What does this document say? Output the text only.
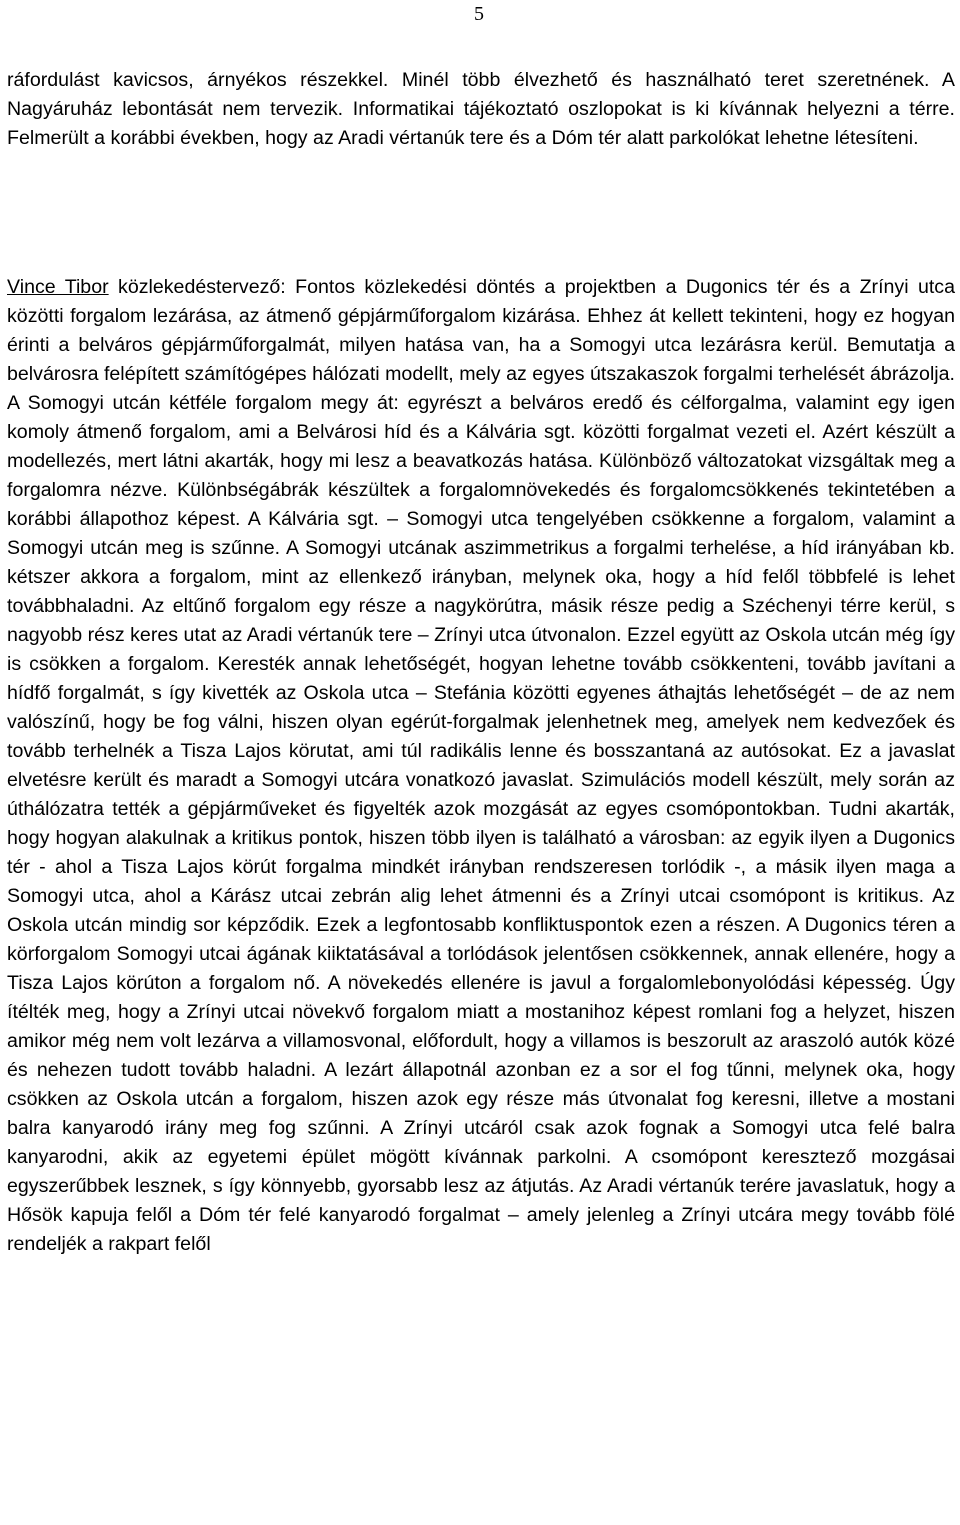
5

ráfordulást kavicsos, árnyékos részekkel. Minél több élvezhető és használható teret szeretnének. A Nagyáruház lebontását nem tervezik. Informatikai tájékoztató oszlopokat is ki kívánnak helyezni a térre. Felmerült a korábbi években, hogy az Aradi vértanúk tere és a Dóm tér alatt parkolókat lehetne létesíteni.

Vince Tibor közlekedéstervező: Fontos közlekedési döntés a projektben a Dugonics tér és a Zrínyi utca közötti forgalom lezárása, az átmenő gépjárműforgalom kizárása. Ehhez át kellett tekinteni, hogy ez hogyan érinti a belváros gépjárműforgalmát, milyen hatása van, ha a Somogyi utca lezárásra kerül. Bemutatja a belvárosra felépített számítógépes hálózati modellt, mely az egyes útszakaszok forgalmi terhelését ábrázolja. A Somogyi utcán kétféle forgalom megy át: egyrészt a belváros eredő és célforgalma, valamint egy igen komoly átmenő forgalom, ami a Belvárosi híd és a Kálvária sgt. közötti forgalmat vezeti el. Azért készült a modellezés, mert látni akarták, hogy mi lesz a beavatkozás hatása. Különböző változatokat vizsgáltak meg a forgalomra nézve. Különbségábrák készültek a forgalomnövekedés és forgalomcsökkenés tekintetében a korábbi állapothoz képest. A Kálvária sgt. – Somogyi utca tengelyében csökkenne a forgalom, valamint a Somogyi utcán meg is szűnne. A Somogyi utcának aszimmetrikus a forgalmi terhelése, a híd irányában kb. kétszer akkora a forgalom, mint az ellenkező irányban, melynek oka, hogy a híd felől többfelé is lehet továbbhaladni. Az eltűnő forgalom egy része a nagykörútra, másik része pedig a Széchenyi térre kerül, s nagyobb rész keres utat az Aradi vértanúk tere – Zrínyi utca útvonalon. Ezzel együtt az Oskola utcán még így is csökken a forgalom. Keresték annak lehetőségét, hogyan lehetne tovább csökkenteni, tovább javítani a hídfő forgalmát, s így kivették az Oskola utca – Stefánia közötti egyenes áthajtás lehetőségét – de az nem valószínű, hogy be fog válni, hiszen olyan egérút-forgalmak jelenhetnek meg, amelyek nem kedvezőek és tovább terhelnék a Tisza Lajos körutat, ami túl radikális lenne és bosszantaná az autósokat. Ez a javaslat elvetésre került és maradt a Somogyi utcára vonatkozó javaslat. Szimulációs modell készült, mely során az úthálózatra tették a gépjárműveket és figyelték azok mozgását az egyes csomópontokban. Tudni akarták, hogy hogyan alakulnak a kritikus pontok, hiszen több ilyen is található a városban: az egyik ilyen a Dugonics tér - ahol a Tisza Lajos körút forgalma mindkét irányban rendszeresen torlódik -, a másik ilyen maga a Somogyi utca, ahol a Kárász utcai zebrán alig lehet átmenni és a Zrínyi utcai csomópont is kritikus. Az Oskola utcán mindig sor képződik. Ezek a legfontosabb konfliktuspontok ezen a részen. A Dugonics téren a körforgalom Somogyi utcai ágának kiiktatásával a torlódások jelentősen csökkennek, annak ellenére, hogy a Tisza Lajos körúton a forgalom nő. A növekedés ellenére is javul a forgalomlebonyolódási képesség. Úgy ítélték meg, hogy a Zrínyi utcai növekvő forgalom miatt a mostanihoz képest romlani fog a helyzet, hiszen amikor még nem volt lezárva a villamosvonal, előfordult, hogy a villamos is beszorult az araszoló autók közé és nehezen tudott tovább haladni. A lezárt állapotnál azonban ez a sor el fog tűnni, melynek oka, hogy csökken az Oskola utcán a forgalom, hiszen azok egy része más útvonalat fog keresni, illetve a mostani balra kanyarodó irány meg fog szűnni. A Zrínyi utcáról csak azok fognak a Somogyi utca felé balra kanyarodni, akik az egyetemi épület mögött kívánnak parkolni. A csomópont keresztező mozgásai egyszerűbbek lesznek, s így könnyebb, gyorsabb lesz az átjutás. Az Aradi vértanúk terére javaslatuk, hogy a Hősök kapuja felől a Dóm tér felé kanyarodó forgalmat – amely jelenleg a Zrínyi utcára megy tovább fölé rendeljék a rakpart felől
